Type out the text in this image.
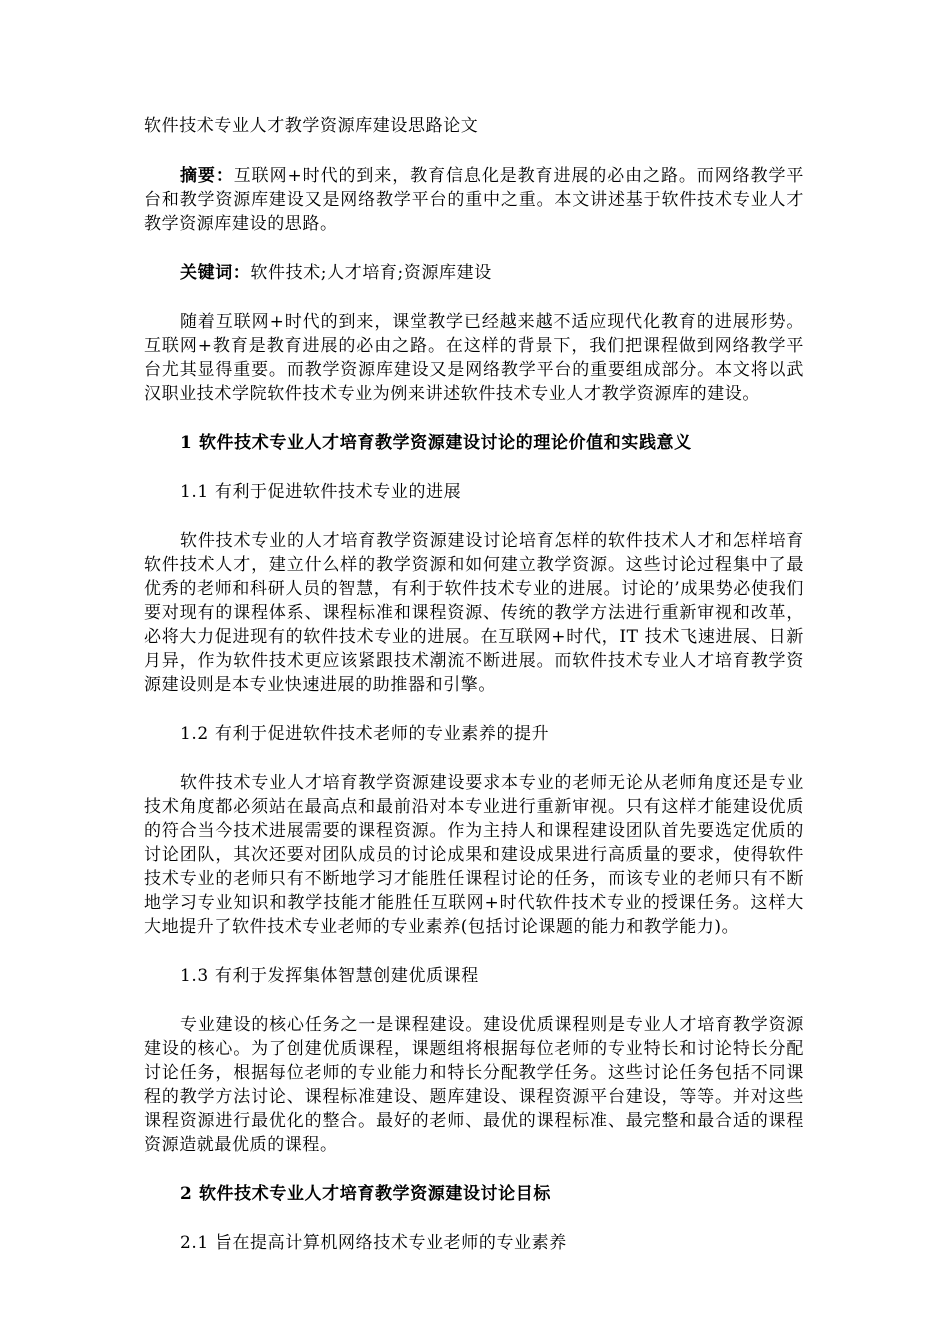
软件技术专业人才教学资源库建设思路论文

摘要：互联网+时代的到来，教育信息化是教育进展的必由之路。而网络教学平台和教学资源库建设又是网络教学平台的重中之重。本文讲述基于软件技术专业人才教学资源库建设的思路。

关键词：软件技术;人才培育;资源库建设

随着互联网+时代的到来，课堂教学已经越来越不适应现代化教育的进展形势。互联网+教育是教育进展的必由之路。在这样的背景下，我们把课程做到网络教学平台尤其显得重要。而教学资源库建设又是网络教学平台的重要组成部分。本文将以武汉职业技术学院软件技术专业为例来讲述软件技术专业人才教学资源库的建设。

1 软件技术专业人才培育教学资源建设讨论的理论价值和实践意义
1.1 有利于促进软件技术专业的进展

软件技术专业的人才培育教学资源建设讨论培育怎样的软件技术人才和怎样培育软件技术人才，建立什么样的教学资源和如何建立教学资源。这些讨论过程集中了最优秀的老师和科研人员的智慧，有利于软件技术专业的进展。讨论的’成果势必使我们要对现有的课程体系、课程标准和课程资源、传统的教学方法进行重新审视和改革，必将大力促进现有的软件技术专业的进展。在互联网+时代，IT 技术飞速进展、日新月异，作为软件技术更应该紧跟技术潮流不断进展。而软件技术专业人才培育教学资源建设则是本专业快速进展的助推器和引擎。

1.2 有利于促进软件技术老师的专业素养的提升

软件技术专业人才培育教学资源建设要求本专业的老师无论从老师角度还是专业技术角度都必须站在最高点和最前沿对本专业进行重新审视。只有这样才能建设优质的符合当今技术进展需要的课程资源。作为主持人和课程建设团队首先要选定优质的讨论团队，其次还要对团队成员的讨论成果和建设成果进行高质量的要求，使得软件技术专业的老师只有不断地学习才能胜任课程讨论的任务，而该专业的老师只有不断地学习专业知识和教学技能才能胜任互联网+时代软件技术专业的授课任务。这样大大地提升了软件技术专业老师的专业素养(包括讨论课题的能力和教学能力)。

1.3 有利于发挥集体智慧创建优质课程

专业建设的核心任务之一是课程建设。建设优质课程则是专业人才培育教学资源建设的核心。为了创建优质课程，课题组将根据每位老师的专业特长和讨论特长分配讨论任务，根据每位老师的专业能力和特长分配教学任务。这些讨论任务包括不同课程的教学方法讨论、课程标准建设、题库建设、课程资源平台建设，等等。并对这些课程资源进行最优化的整合。最好的老师、最优的课程标准、最完整和最合适的课程资源造就最优质的课程。

2 软件技术专业人才培育教学资源建设讨论目标
2.1 旨在提高计算机网络技术专业老师的专业素养
